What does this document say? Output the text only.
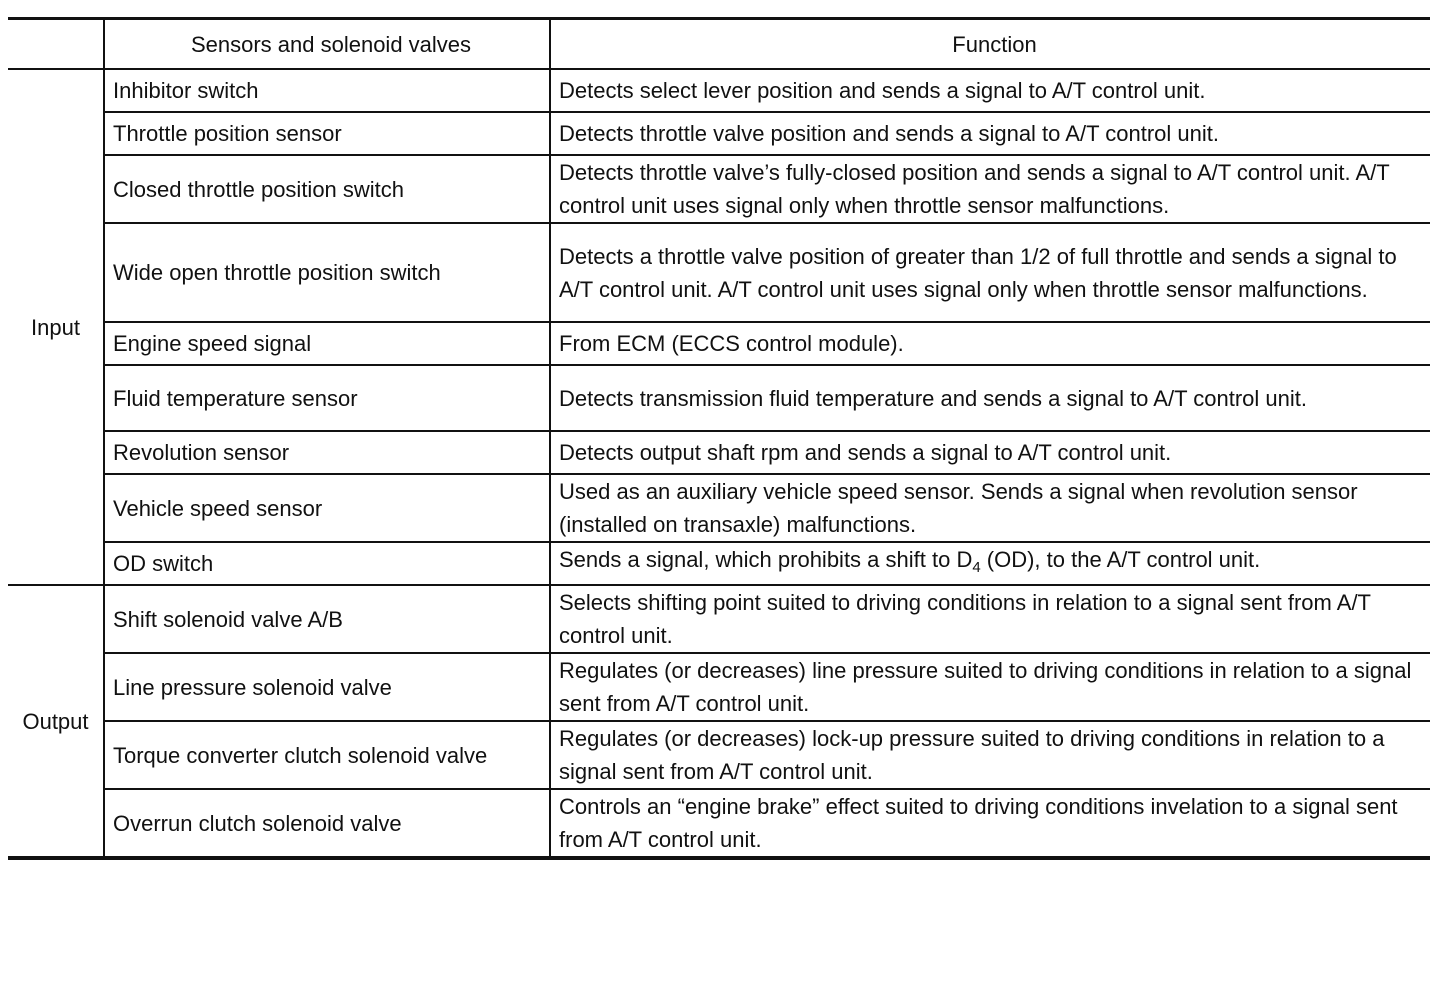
	Sensors and solenoid valves	Function
Input	Inhibitor switch	Detects select lever position and sends a signal to A/T control unit.
	Throttle position sensor	Detects throttle valve position and sends a signal to A/T control unit.
	Closed throttle position switch	Detects throttle valve’s fully-closed position and sends a signal to A/T control unit. A/T control unit uses signal only when throttle sensor malfunctions.
	Wide open throttle position switch	Detects a throttle valve position of greater than 1/2 of full throttle and sends a signal to A/T control unit. A/T control unit uses signal only when throttle sensor malfunctions.
	Engine speed signal	From ECM (ECCS control module).
	Fluid temperature sensor	Detects transmission fluid temperature and sends a signal to A/T control unit.
	Revolution sensor	Detects output shaft rpm and sends a signal to A/T control unit.
	Vehicle speed sensor	Used as an auxiliary vehicle speed sensor. Sends a signal when revolution sensor (installed on transaxle) malfunctions.
	OD switch	Sends a signal, which prohibits a shift to $D_4$ (OD), to the A/T control unit.
Output	Shift solenoid valve A/B	Selects shifting point suited to driving conditions in relation to a signal sent from A/T control unit.
	Line pressure solenoid valve	Regulates (or decreases) line pressure suited to driving conditions in relation to a signal sent from A/T control unit.
	Torque converter clutch solenoid valve	Regulates (or decreases) lock-up pressure suited to driving conditions in relation to a signal sent from A/T control unit.
	Overrun clutch solenoid valve	Controls an “engine brake” effect suited to driving conditions invelation to a signal sent from A/T control unit.
